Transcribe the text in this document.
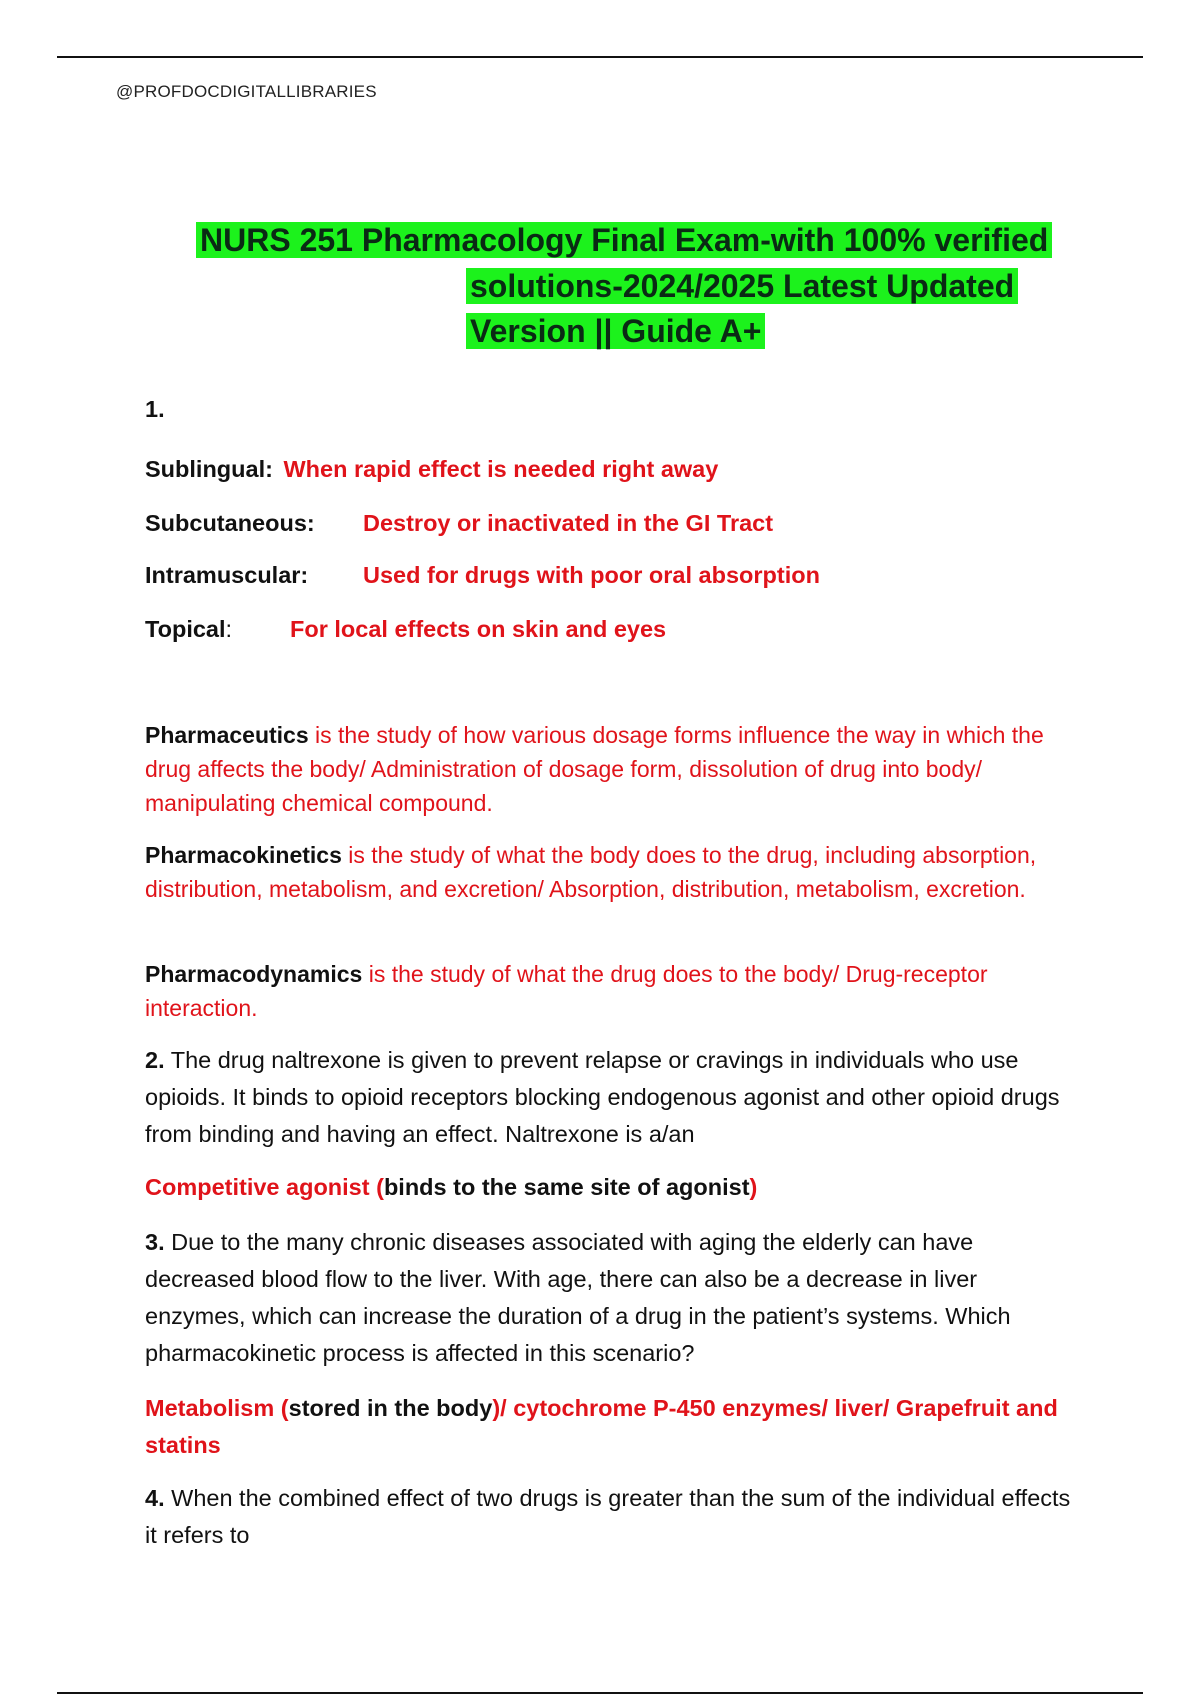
@PROFDOCDIGITALLIBRARIES
NURS 251 Pharmacology Final Exam-with 100% verified
solutions-2024/2025 Latest Updated
Version || Guide A+
1.
Sublingual: When rapid effect is needed right away
Subcutaneous: Destroy or inactivated in the GI Tract
Intramuscular: Used for drugs with poor oral absorption
Topical: For local effects on skin and eyes
Pharmaceutics is the study of how various dosage forms influence the way in which the drug affects the body/ Administration of dosage form, dissolution of drug into body/ manipulating chemical compound.
Pharmacokinetics is the study of what the body does to the drug, including absorption, distribution, metabolism, and excretion/ Absorption, distribution, metabolism, excretion.
Pharmacodynamics is the study of what the drug does to the body/ Drug-receptor interaction.
2. The drug naltrexone is given to prevent relapse or cravings in individuals who use opioids. It binds to opioid receptors blocking endogenous agonist and other opioid drugs from binding and having an effect. Naltrexone is a/an
Competitive agonist (binds to the same site of agonist)
3. Due to the many chronic diseases associated with aging the elderly can have decreased blood flow to the liver. With age, there can also be a decrease in liver enzymes, which can increase the duration of a drug in the patient’s systems. Which pharmacokinetic process is affected in this scenario?
Metabolism (stored in the body)/ cytochrome P-450 enzymes/ liver/ Grapefruit and statins
4. When the combined effect of two drugs is greater than the sum of the individual effects it refers to
